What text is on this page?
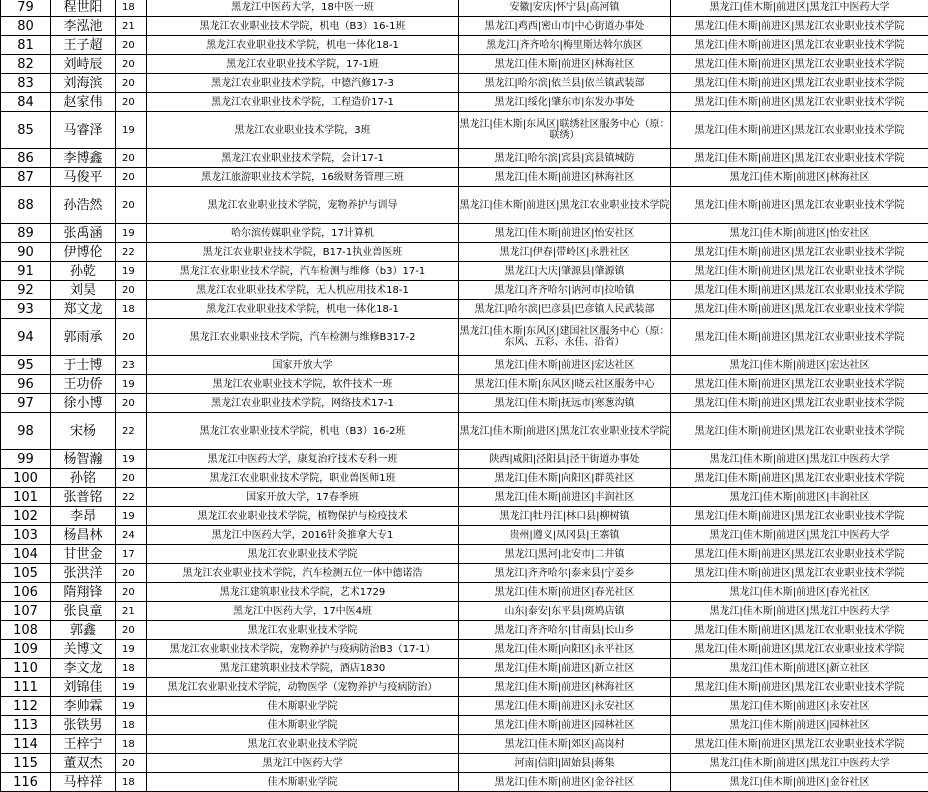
79	程世阳	18	黑龙江中医药大学，18中医一班	安徽|安庆|怀宁县|高河镇	黑龙江|佳木斯|前进区|黑龙江中医药大学
80	李泓池	21	黑龙江农业职业技术学院，机电（B3）16-1班	黑龙江|鸡西|密山市|中心街道办事处	黑龙江|佳木斯|前进区|黑龙江农业职业技术学院
81	王子超	20	黑龙江农业职业技术学院，机电一体化18-1	黑龙江|齐齐哈尔|梅里斯达斡尔族区	黑龙江|佳木斯|前进区|黑龙江农业职业技术学院
82	刘峙辰	20	黑龙江农业职业技术学院，17-1班	黑龙江|佳木斯|前进区|林海社区	黑龙江|佳木斯|前进区|黑龙江农业职业技术学院
83	刘海滨	20	黑龙江农业职业技术学院，中德汽修17-3	黑龙江|哈尔滨|依兰县|依兰镇武装部	黑龙江|佳木斯|前进区|黑龙江农业职业技术学院
84	赵家伟	20	黑龙江农业职业技术学院，工程造价17-1	黑龙江|绥化|肇东市|东发办事处	黑龙江|佳木斯|前进区|黑龙江农业职业技术学院
85	马睿泽	19	黑龙江农业职业技术学院，3班	黑龙江|佳木斯|东风区|联绣社区服务中心（原：联绣）	黑龙江|佳木斯|前进区|黑龙江农业职业技术学院
86	李博鑫	20	黑龙江农业职业技术学院，会计17-1	黑龙江|哈尔滨|宾县|宾县镇城防	黑龙江|佳木斯|前进区|黑龙江农业职业技术学院
87	马俊平	20	黑龙江旅游职业技术学院，16级财务管理三班	黑龙江|佳木斯|前进区|林海社区	黑龙江|佳木斯|前进区|林海社区
88	孙浩然	20	黑龙江农业职业技术学院，宠物养护与训导	黑龙江|佳木斯|前进区|黑龙江农业职业技术学院	黑龙江|佳木斯|前进区|黑龙江农业职业技术学院
89	张禹涵	19	哈尔滨传媒职业学院，17计算机	黑龙江|佳木斯|前进区|怡安社区	黑龙江|佳木斯|前进区|怡安社区
90	伊博伦	22	黑龙江农业职业技术学院，B17-1执业兽医班	黑龙江|伊春|带岭区|永胜社区	黑龙江|佳木斯|前进区|黑龙江农业职业技术学院
91	孙乾	19	黑龙江农业职业技术学院，汽车检测与维修（b3）17-1	黑龙江|大庆|肇源县|肇源镇	黑龙江|佳木斯|前进区|黑龙江农业职业技术学院
92	刘昊	20	黑龙江农业职业技术学院，无人机应用技术18-1	黑龙江|齐齐哈尔|讷河市|拉哈镇	黑龙江|佳木斯|前进区|黑龙江农业职业技术学院
93	郑文龙	18	黑龙江农业职业技术学院，机电一体化18-1	黑龙江|哈尔滨|巴彦县|巴彦镇人民武装部	黑龙江|佳木斯|前进区|黑龙江农业职业技术学院
94	郭雨承	20	黑龙江农业职业技术学院，汽车检测与维修B317-2	黑龙江|佳木斯|东风区|建国社区服务中心（原：东风、五彩、永佳、沿省）	黑龙江|佳木斯|前进区|黑龙江农业职业技术学院
95	于士博	23	国家开放大学	黑龙江|佳木斯|前进区|宏达社区	黑龙江|佳木斯|前进区|宏达社区
96	王功侨	19	黑龙江农业职业技术学院，软件技术一班	黑龙江|佳木斯|东风区|晓云社区服务中心	黑龙江|佳木斯|前进区|黑龙江农业职业技术学院
97	徐小博	20	黑龙江农业职业技术学院，网络技术17-1	黑龙江|佳木斯|抚远市|寒葱沟镇	黑龙江|佳木斯|前进区|黑龙江农业职业技术学院
98	宋杨	22	黑龙江农业职业技术学院，机电（B3）16-2班	黑龙江|佳木斯|前进区|黑龙江农业职业技术学院	黑龙江|佳木斯|前进区|黑龙江农业职业技术学院
99	杨智瀚	19	黑龙江中医药大学，康复治疗技术专科一班	陕西|咸阳|泾阳县|泾干街道办事处	黑龙江|佳木斯|前进区|黑龙江中医药大学
100	孙铭	20	黑龙江农业职业技术学院，职业兽医师1班	黑龙江|佳木斯|向阳区|群英社区	黑龙江|佳木斯|前进区|黑龙江农业职业技术学院
101	张普铭	22	国家开放大学，17春季班	黑龙江|佳木斯|前进区|丰润社区	黑龙江|佳木斯|前进区|丰润社区
102	李昂	19	黑龙江农业职业技术学院，植物保护与检疫技术	黑龙江|牡丹江|林口县|柳树镇	黑龙江|佳木斯|前进区|黑龙江农业职业技术学院
103	杨昌林	24	黑龙江中医药大学，2016针灸推拿大专1	贵州|遵义|凤冈县|王寨镇	黑龙江|佳木斯|前进区|黑龙江中医药大学
104	甘世金	17	黑龙江农业职业技术学院	黑龙江|黑河|北安市|二井镇	黑龙江|佳木斯|前进区|黑龙江农业职业技术学院
105	张洪洋	20	黑龙江农业职业技术学院，汽车检测五位一体中德诺浩	黑龙江|齐齐哈尔|泰来县|宁姜乡	黑龙江|佳木斯|前进区|黑龙江农业职业技术学院
106	隋翔锋	20	黑龙江建筑职业技术学院，艺术1729	黑龙江|佳木斯|前进区|春光社区	黑龙江|佳木斯|前进区|春光社区
107	张良童	21	黑龙江中医药大学，17中医4班	山东|泰安|东平县|斑鸠店镇	黑龙江|佳木斯|前进区|黑龙江中医药大学
108	郭鑫	20	黑龙江农业职业技术学院	黑龙江|齐齐哈尔|甘南县|长山乡	黑龙江|佳木斯|前进区|黑龙江农业职业技术学院
109	关博文	19	黑龙江农业职业技术学院，宠物养护与疫病防治B3（17-1）	黑龙江|佳木斯|向阳区|永平社区	黑龙江|佳木斯|前进区|黑龙江农业职业技术学院
110	李文龙	18	黑龙江建筑职业技术学院，酒店1830	黑龙江|佳木斯|前进区|新立社区	黑龙江|佳木斯|前进区|新立社区
111	刘锦佳	19	黑龙江农业职业技术学院，动物医学（宠物养护与疫病防治）	黑龙江|佳木斯|前进区|林海社区	黑龙江|佳木斯|前进区|黑龙江农业职业技术学院
112	李帅霖	19	佳木斯职业学院	黑龙江|佳木斯|前进区|永安社区	黑龙江|佳木斯|前进区|永安社区
113	张铁男	18	佳木斯职业学院	黑龙江|佳木斯|前进区|园林社区	黑龙江|佳木斯|前进区|园林社区
114	王梓宁	18	黑龙江农业职业技术学院	黑龙江|佳木斯|郊区|高岗村	黑龙江|佳木斯|前进区|黑龙江农业职业技术学院
115	董双杰	20	黑龙江中医药大学	河南|信阳|固始县|蒋集	黑龙江|佳木斯|前进区|黑龙江中医药大学
116	马梓祥	18	佳木斯职业学院	黑龙江|佳木斯|前进区|金谷社区	黑龙江|佳木斯|前进区|金谷社区
